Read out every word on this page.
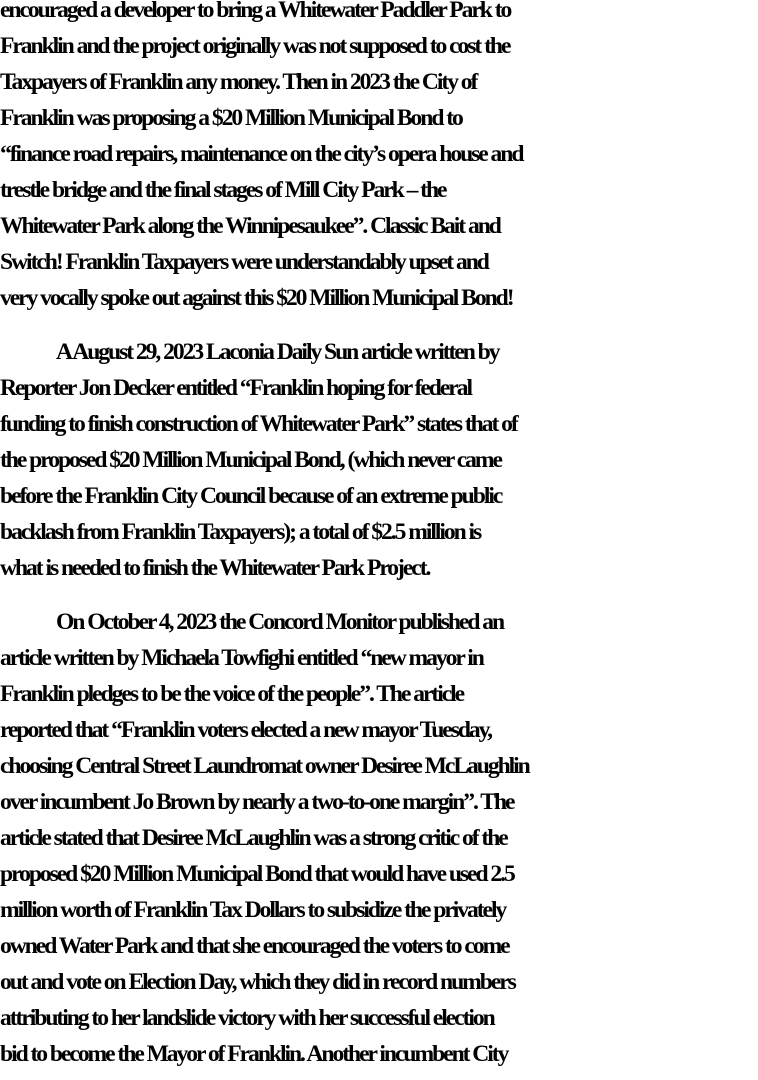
encouraged a developer to bring a Whitewater Paddler Park to
Franklin and the project originally was not supposed to cost the
Taxpayers of Franklin any money. Then in 2023 the City of
Franklin was proposing a $20 Million Municipal Bond to
“finance road repairs, maintenance on the city’s opera house and
trestle bridge and the final stages of Mill City Park – the
Whitewater Park along the Winnipesaukee”. Classic Bait and
Switch! Franklin Taxpayers were understandably upset and
very vocally spoke out against this $20 Million Municipal Bond!

A August 29, 2023 Laconia Daily Sun article written by
Reporter Jon Decker entitled “Franklin hoping for federal
funding to finish construction of Whitewater Park” states that of
the proposed $20 Million Municipal Bond, (which never came
before the Franklin City Council because of an extreme public
backlash from Franklin Taxpayers); a total of $2.5 million is
what is needed to finish the Whitewater Park Project.

On October 4, 2023 the Concord Monitor published an
article written by Michaela Towfighi entitled “new mayor in
Franklin pledges to be the voice of the people”. The article
reported that “Franklin voters elected a new mayor Tuesday,
choosing Central Street Laundromat owner Desiree McLaughlin
over incumbent Jo Brown by nearly a two-to-one margin”. The
article stated that Desiree McLaughlin was a strong critic of the
proposed $20 Million Municipal Bond that would have used 2.5
million worth of Franklin Tax Dollars to subsidize the privately
owned Water Park and that she encouraged the voters to come
out and vote on Election Day, which they did in record numbers
attributing to her landslide victory with her successful election
bid to become the Mayor of Franklin. Another incumbent City
